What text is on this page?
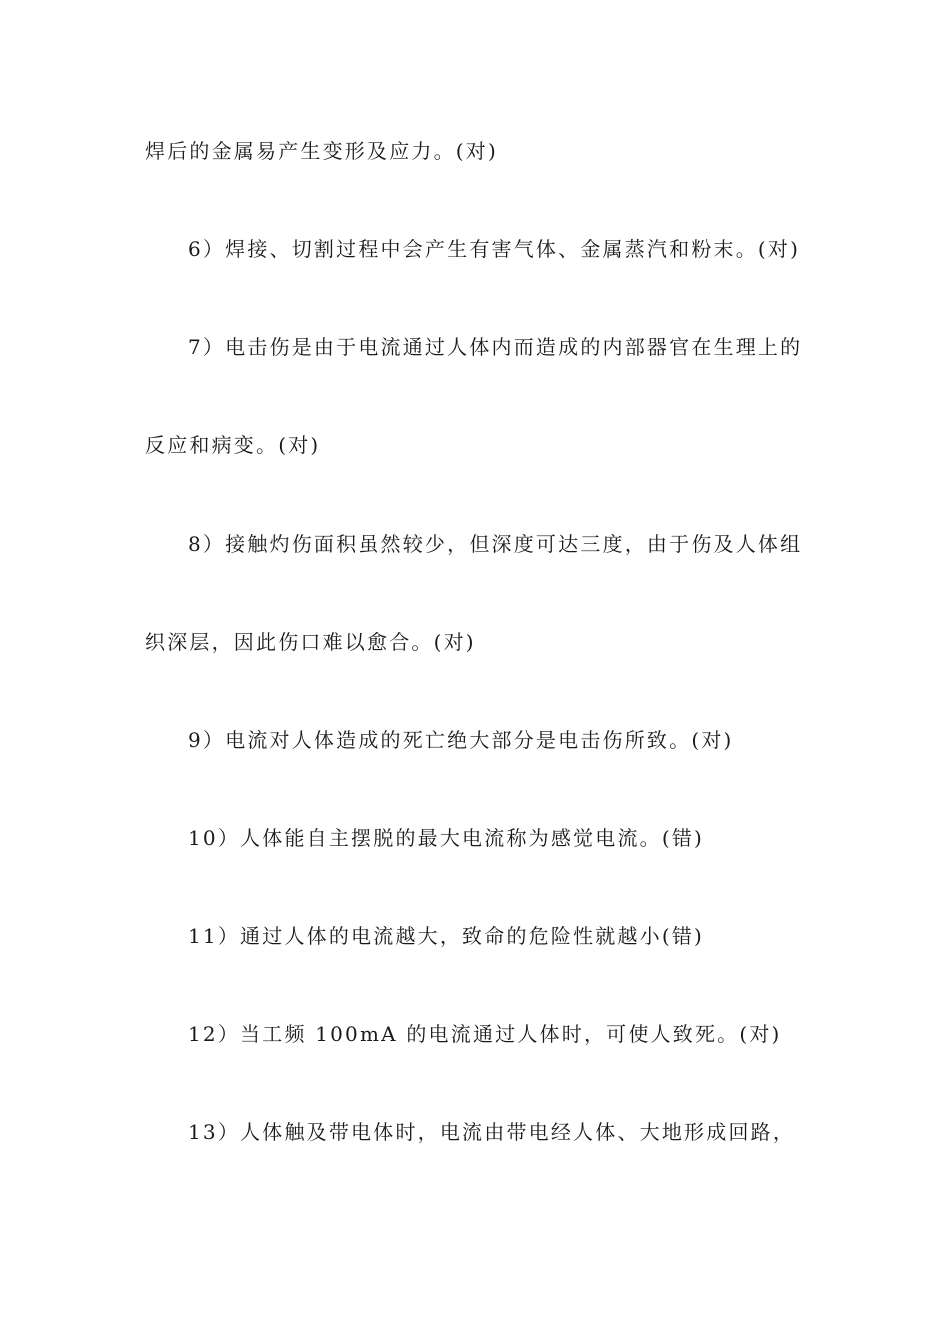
焊后的金属易产生变形及应力。(对)
6）焊接、切割过程中会产生有害气体、金属蒸汽和粉末。(对)
7）电击伤是由于电流通过人体内而造成的内部器官在生理上的
反应和病变。(对)
8）接触灼伤面积虽然较少，但深度可达三度，由于伤及人体组
织深层，因此伤口难以愈合。(对)
9）电流对人体造成的死亡绝大部分是电击伤所致。(对)
10）人体能自主摆脱的最大电流称为感觉电流。(错)
11）通过人体的电流越大，致命的危险性就越小(错)
12）当工频 100mA 的电流通过人体时，可使人致死。(对)
13）人体触及带电体时，电流由带电经人体、大地形成回路，
